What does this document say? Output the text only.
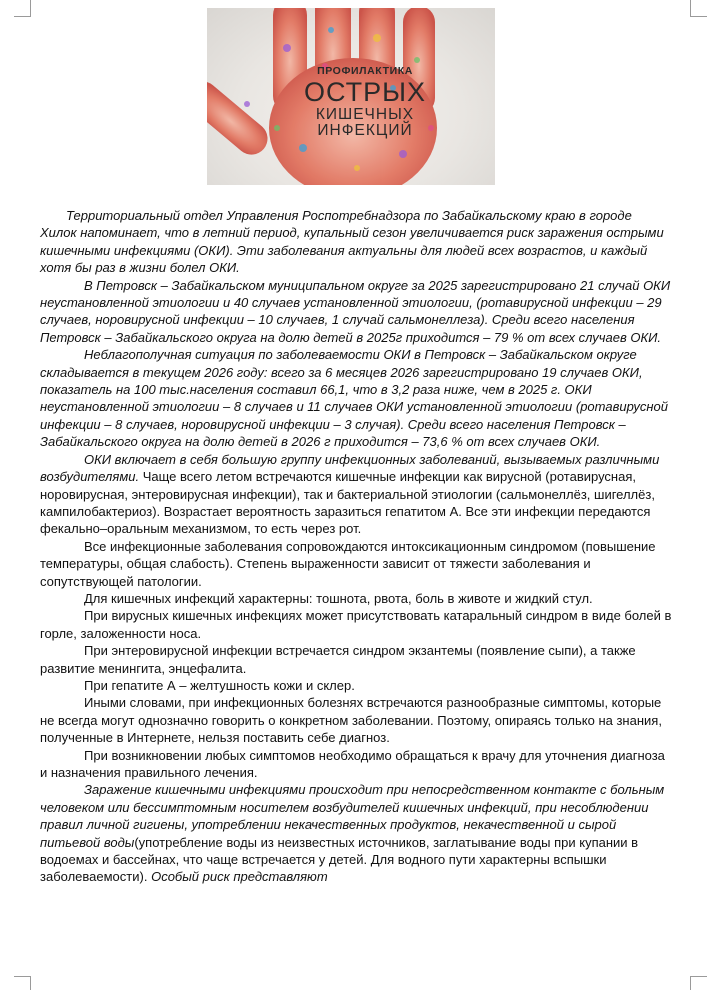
ПРОФИЛАКТИКА
ОСТРЫХ
КИШЕЧНЫХ
ИНФЕКЦИЙ

Территориальный отдел Управления Роспотребнадзора по Забайкальскому краю в городе Хилок напоминает, что в летний период, купальный сезон увеличивается риск заражения острыми кишечными инфекциями (ОКИ). Эти заболевания актуальны для людей всех возрастов, и каждый хотя бы раз в жизни болел ОКИ.

В Петровск – Забайкальском муниципальном округе за 2025 зарегистрировано 21 случай ОКИ неустановленной этиологии и 40 случаев установленной этиологии, (ротавирусной инфекции – 29 случаев, норовирусной инфекции – 10 случаев, 1 случай сальмонеллеза). Среди всего населения Петровск – Забайкальского округа на долю детей в 2025г приходится – 79 % от всех случаев ОКИ.

Неблагополучная ситуация по заболеваемости ОКИ в Петровск – Забайкальском округе складывается в текущем 2026 году: всего за 6 месяцев 2026 зарегистрировано 19 случаев ОКИ, показатель на 100 тыс.населения составил 66,1, что в 3,2 раза ниже, чем в 2025 г. ОКИ неустановленной этиологии – 8 случаев и 11 случаев ОКИ установленной этиологии (ротавирусной инфекции – 8 случаев, норовирусной инфекции – 3 случая). Среди всего населения Петровск – Забайкальского округа на долю детей в 2026 г приходится – 73,6 % от всех случаев ОКИ.

ОКИ включает в себя большую группу инфекционных заболеваний, вызываемых различными возбудителями. Чаще всего летом встречаются кишечные инфекции как вирусной (ротавирусная, норовирусная, энтеровирусная инфекции), так и бактериальной этиологии (сальмонеллёз, шигеллёз, кампилобактериоз). Возрастает вероятность заразиться гепатитом А. Все эти инфекции передаются фекально–оральным механизмом, то есть через рот.

Все инфекционные заболевания сопровождаются интоксикационным синдромом (повышение температуры, общая слабость). Степень выраженности зависит от тяжести заболевания и сопутствующей патологии.

Для кишечных инфекций характерны: тошнота, рвота, боль в животе и жидкий стул.

При вирусных кишечных инфекциях может присутствовать катаральный синдром в виде болей в горле, заложенности носа.

При энтеровирусной инфекции встречается синдром экзантемы (появление сыпи), а также развитие менингита, энцефалита.

При гепатите А – желтушность кожи и склер.

Иными словами, при инфекционных болезнях встречаются разнообразные симптомы, которые не всегда могут однозначно говорить о конкретном заболевании. Поэтому, опираясь только на знания, полученные в Интернете, нельзя поставить себе диагноз.

При возникновении любых симптомов необходимо обращаться к врачу для уточнения диагноза и назначения правильного лечения.

Заражение кишечными инфекциями происходит при непосредственном контакте с больным человеком или бессимптомным носителем возбудителей кишечных инфекций, при несоблюдении правил личной гигиены, употреблении некачественных продуктов, некачественной и сырой питьевой воды(употребление воды из неизвестных источников, заглатывание воды при купании в водоемах и бассейнах, что чаще встречается у детей. Для водного пути характерны вспышки заболеваемости). Особый риск представляют
